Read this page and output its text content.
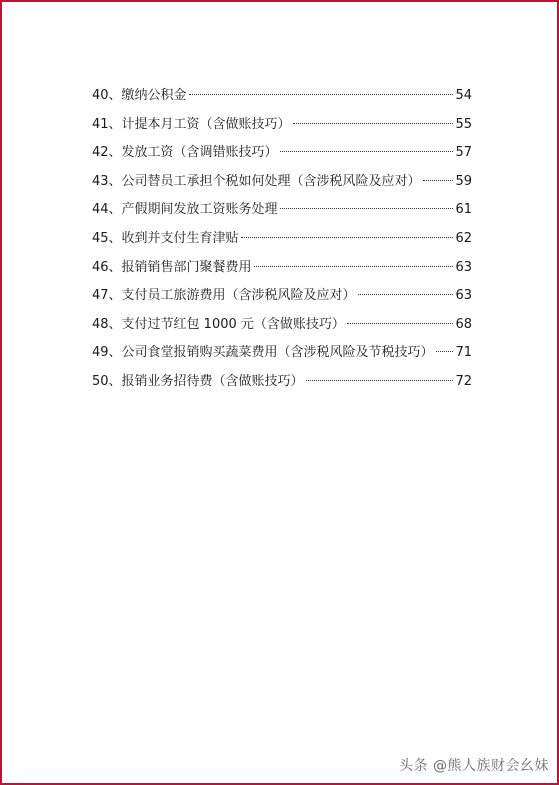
40、 缴纳公积金	54
41、 计提本月工资（含做账技巧）	55
42、 发放工资（含调错账技巧）	57
43、 公司替员工承担个税如何处理（含涉税风险及应对）	59
44、 产假期间发放工资账务处理	61
45、 收到并支付生育津贴	62
46、 报销销售部门聚餐费用	63
47、 支付员工旅游费用（含涉税风险及应对）	63
48、 支付过节红包 1000 元（含做账技巧）	68
49、 公司食堂报销购买蔬菜费用（含涉税风险及节税技巧） 71
50、 报销业务招待费（含做账技巧）	72
头条 @熊人族财会幺妹
